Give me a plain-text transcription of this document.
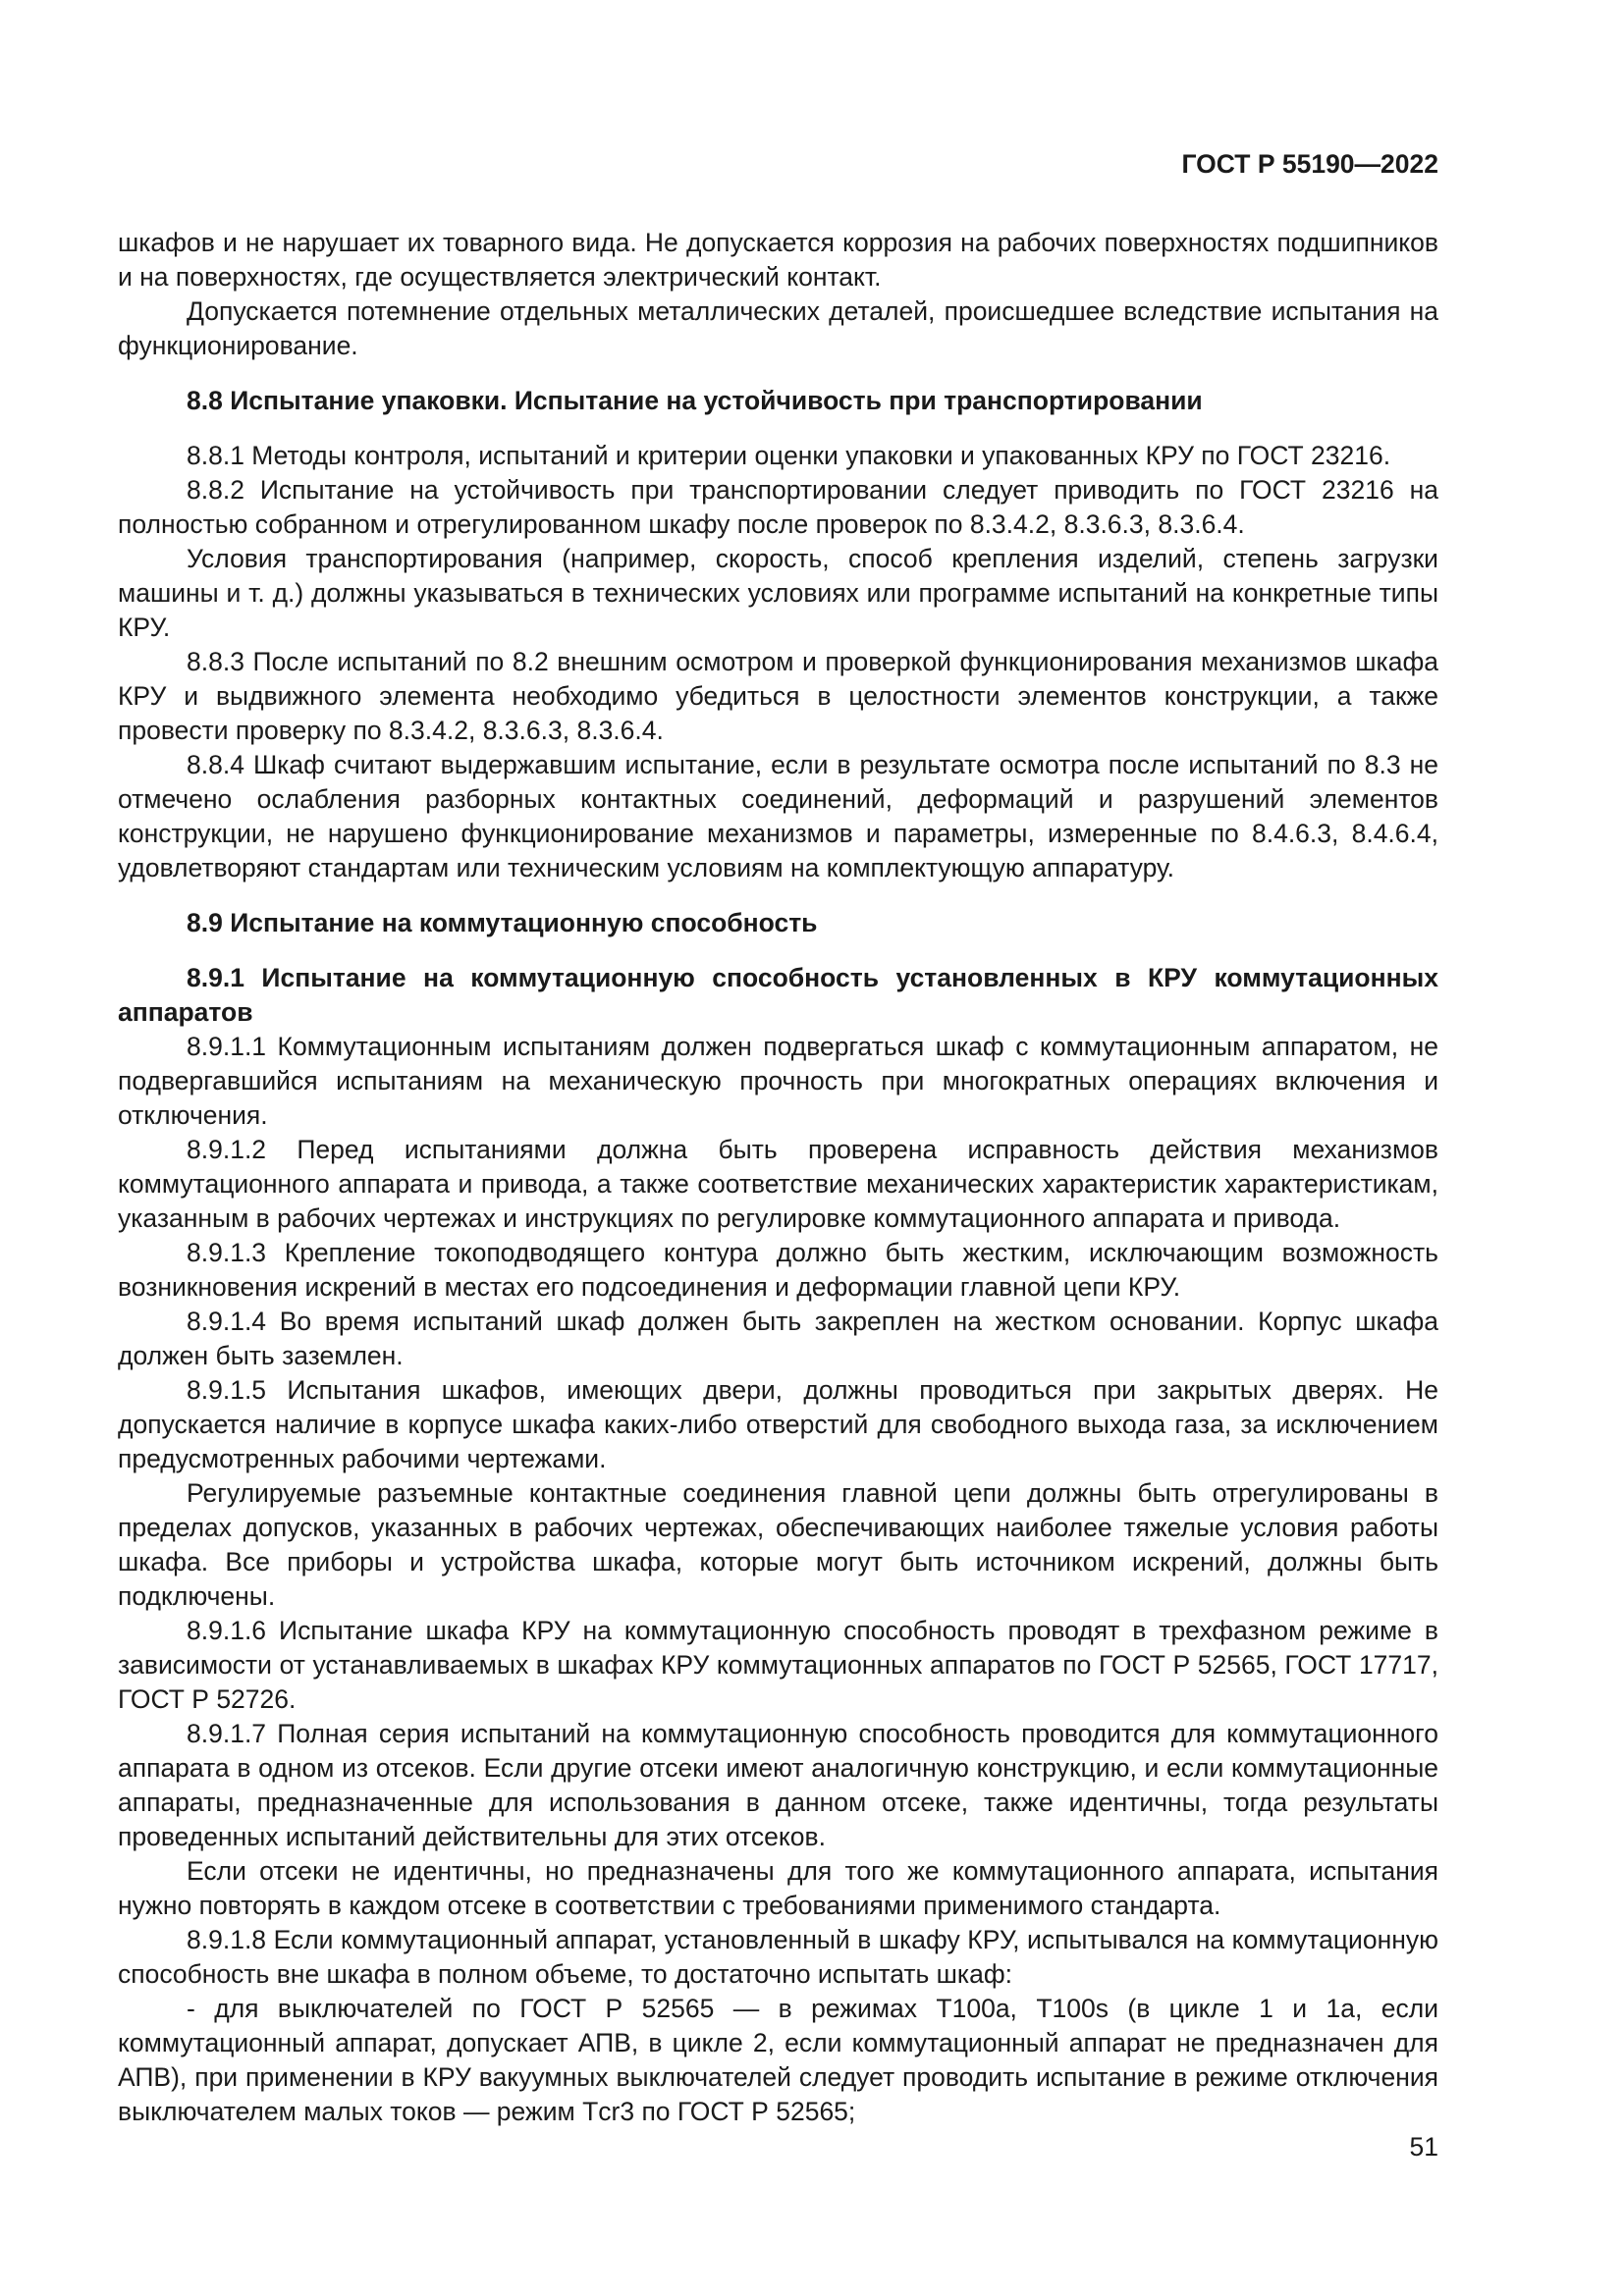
ГОСТ Р 55190—2022

шкафов и не нарушает их товарного вида. Не допускается коррозия на рабочих поверхностях подшипников и на поверхностях, где осуществляется электрический контакт.

Допускается потемнение отдельных металлических деталей, происшедшее вследствие испытания на функционирование.

8.8 Испытание упаковки. Испытание на устойчивость при транспортировании

8.8.1 Методы контроля, испытаний и критерии оценки упаковки и упакованных КРУ по ГОСТ 23216.

8.8.2 Испытание на устойчивость при транспортировании следует приводить по ГОСТ 23216 на полностью собранном и отрегулированном шкафу после проверок по 8.3.4.2, 8.3.6.3, 8.3.6.4.

Условия транспортирования (например, скорость, способ крепления изделий, степень загрузки машины и т. д.) должны указываться в технических условиях или программе испытаний на конкретные типы КРУ.

8.8.3 После испытаний по 8.2 внешним осмотром и проверкой функционирования механизмов шкафа КРУ и выдвижного элемента необходимо убедиться в целостности элементов конструкции, а также провести проверку по 8.3.4.2, 8.3.6.3, 8.3.6.4.

8.8.4 Шкаф считают выдержавшим испытание, если в результате осмотра после испытаний по 8.3 не отмечено ослабления разборных контактных соединений, деформаций и разрушений элементов конструкции, не нарушено функционирование механизмов и параметры, измеренные по 8.4.6.3, 8.4.6.4, удовлетворяют стандартам или техническим условиям на комплектующую аппаратуру.

8.9 Испытание на коммутационную способность
8.9.1 Испытание на коммутационную способность установленных в КРУ коммутационных аппаратов

8.9.1.1 Коммутационным испытаниям должен подвергаться шкаф с коммутационным аппаратом, не подвергавшийся испытаниям на механическую прочность при многократных операциях включения и отключения.

8.9.1.2 Перед испытаниями должна быть проверена исправность действия механизмов коммутационного аппарата и привода, а также соответствие механических характеристик характеристикам, указанным в рабочих чертежах и инструкциях по регулировке коммутационного аппарата и привода.

8.9.1.3 Крепление токоподводящего контура должно быть жестким, исключающим возможность возникновения искрений в местах его подсоединения и деформации главной цепи КРУ.

8.9.1.4 Во время испытаний шкаф должен быть закреплен на жестком основании. Корпус шкафа должен быть заземлен.

8.9.1.5 Испытания шкафов, имеющих двери, должны проводиться при закрытых дверях. Не допускается наличие в корпусе шкафа каких-либо отверстий для свободного выхода газа, за исключением предусмотренных рабочими чертежами.

Регулируемые разъемные контактные соединения главной цепи должны быть отрегулированы в пределах допусков, указанных в рабочих чертежах, обеспечивающих наиболее тяжелые условия работы шкафа. Все приборы и устройства шкафа, которые могут быть источником искрений, должны быть подключены.

8.9.1.6 Испытание шкафа КРУ на коммутационную способность проводят в трехфазном режиме в зависимости от устанавливаемых в шкафах КРУ коммутационных аппаратов по ГОСТ Р 52565, ГОСТ 17717, ГОСТ Р 52726.

8.9.1.7 Полная серия испытаний на коммутационную способность проводится для коммутационного аппарата в одном из отсеков. Если другие отсеки имеют аналогичную конструкцию, и если коммутационные аппараты, предназначенные для использования в данном отсеке, также идентичны, тогда результаты проведенных испытаний действительны для этих отсеков.

Если отсеки не идентичны, но предназначены для того же коммутационного аппарата, испытания нужно повторять в каждом отсеке в соответствии с требованиями применимого стандарта.

8.9.1.8 Если коммутационный аппарат, установленный в шкафу КРУ, испытывался на коммутационную способность вне шкафа в полном объеме, то достаточно испытать шкаф:

- для выключателей по ГОСТ Р 52565 — в режимах Т100а, Т100s (в цикле 1 и 1а, если коммутационный аппарат, допускает АПВ, в цикле 2, если коммутационный аппарат не предназначен для АПВ), при применении в КРУ вакуумных выключателей следует проводить испытание в режиме отключения выключателем малых токов — режим Тcr3 по ГОСТ Р 52565;

51
